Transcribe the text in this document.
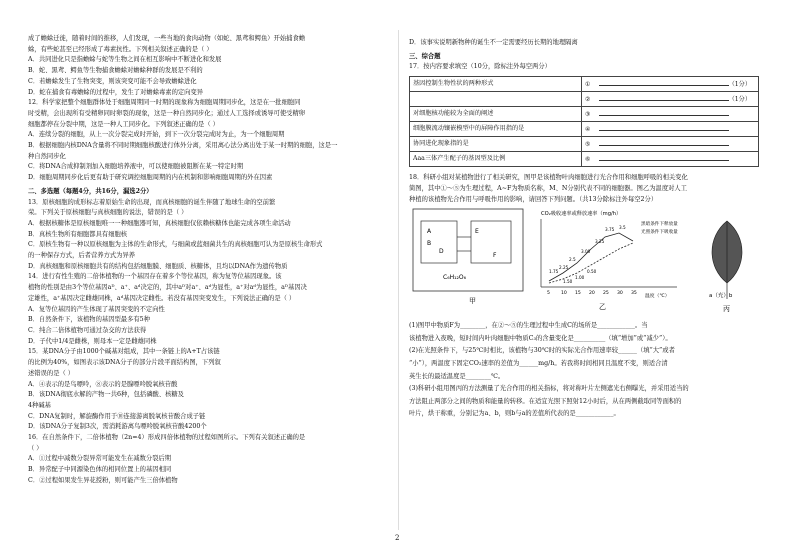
成了蟾蜍迁徙，随着时间的推移，人们发现，一些当地的食肉动物（如蛇、黑鸢和鳄鱼）开始捕食蟾
蜍，有些蛇甚至已经形成了毒素抗性。下列相关叙述正确的是（ ）
A．共同进化只是指蟾蜍与蛇等生物之间在相互影响中不断进化和发展
B．蛇、黑鸢、鳄鱼等生物捕食蟾蜍对蟾蜍种群的发展是不利的
C．若蟾蜍发生了生物突变，则该突变可能不会导致蟾蜍进化
D．蛇在捕食有毒蟾蜍的过程中，发生了对蟾蜍毒素的定向变异
12．科学家把整个细胞群体处于细胞周期同一时期的现象称为细胞周期同步化，这是在一批细胞同
时受精，会出现所有受精卵同时卵裂的现象，这是一种自然同步化；通过人工选择或诱导可使受精卵
细胞都停在分裂中期，这是一种人工同步化。下列叙述正确的是（ ）
A．连续分裂的细胞，从上一次分裂完成时开始，到下一次分裂完成时为止，为一个细胞周期
B．根据细胞内核DNA含量将不同时期细胞核酸进行体外分离，采用离心法分离出处于某一时期的细胞，这是一
种自然同步化
C．将DNA合成抑制剂加入细胞培养液中，可以使细胞被阻断在某一特定时期
D．细胞周期同步化后更有助于研究调控细胞周期的内在机制和影响细胞周期的外在因素
二、多选题（每题4分，共16分，漏选2分）
13．原核细胞的成形标志着原始生命的出现，而真核细胞的诞生伴随了地球生命的空前繁
荣。下列关于原核细胞与真核细胞的说法，错误的是（ ）
A．根据核糖体是原核细胞唯一一种细胞器可知，真核细胞仅依赖核糖体也能完成各项生命活动
B．真核生物所有细胞都具有细胞核
C．原核生物有一种以原核细胞为主体的生命形式，与细菌或蓝细菌共生的真核细胞可认为是原核生命形式
的一种保存方式，后者营养方式为异养
D．真核细胞和原核细胞共有的结构包括细胞膜、细胞质、核糖体，且均以DNA作为遗传物质
14．进行有性生殖的二倍体植物的一个基因存在着多个等位基因，称为复等位基因现象。该
植物的性别是由3个等位基因aᴰ、a⁺、aᵈ决定的，其中aᴰ对a⁺、aᵈ为显性，a⁺对aᵈ为显性，aᴰ基因决
定雄性，a⁺基因决定雌雄同株，aᵈ基因决定雌性。若没有基因突变发生，下列说法正确的是（ ）
A．复等位基因的产生体现了基因突变的不定向性
B．自然条件下，该植物的基因型最多有5种
C．纯合二倍体植物可通过杂交的方法获得
D．子代中1/4是雌株，则母本一定是雌雄同株
15．某DNA分子由1000个碱基对组成，其中一条链上的A+T占该链
的比例为40%，如图表示该DNA分子的部分片段平面结构图，下列叙
述错误的是（ ）
A．④表示的是鸟嘌呤，⑧表示的是腺嘌呤脱氧核苷酸
B．该DNA彻底水解的产物一共6种，包括磷酸、核糖及
4种碱基
C．DNA复制时，解旋酶作用于⑩连接游离脱氧核苷酸合成子链
D．该DNA分子复制3次，需消耗游离鸟嘌呤脱氧核苷酸4200个
16．在自然条件下，二倍体植物（2n=4）形成四倍体植物的过程如图所示。下列有关叙述正确的是
（ ）
A．①过程中减数分裂异常可能发生在减数分裂后期
B．异常配子中同源染色体的相同位置上的基因相同
C．②过程如果发生异花授粉，则可能产生三倍体植物
D．该事实说明新物种的诞生不一定需要经历长期的地理隔离
三、综合题
17．按内容要求填空（10分，除标注外每空两分）
基因控制生物性状的两种形式	① （1分）
	② （1分）
对细胞核功能较为全面的阐述	③
细胞膜流动镶嵌模型中的屏障作用指的是	④
协同进化现象指的是	⑤
Aaa三体产生配子的基因型及比例	⑥
18．科研小组对某植物进行了相关研究，图甲是该植物叶肉细胞进行光合作用和细胞呼吸的相关变化
简图，其中①～⑤为生理过程，A~F为物质名称，M、N分别代表不同的细胞器。图乙为温度对人工
种植的该植物光合作用与呼吸作用的影响，请回答下列问题。（共13分除标注外每空2分）
A
B
D
E
F
C₆H₁₂O₆
甲
CO₂吸收速率或释放速率（mg/h）
5 10 15 20 25 30 35
3.75 3.5
3.25
3.00
2.5
2.25
1.75
1.50
1.00
0.50
黑暗条件下释放量
光照条件下吸收量
温度（℃）
乙
a（充）b
丙
(1)图甲中物质F为________，在②～⑤的生理过程中生成C的场所是____________。当
该植物进入夜晚，短时间内叶肉细胞中物质C₃的含量变化是__________（填“增加”或“减少”）。
(2)在光照条件下，与25℃时相比，该植物与30℃时的实际光合作用速率较______（填“大”或者
“小”），两温度下固定CO₂速率的差值为______mg/h。若我将时间相同且温度不变，则适合清
英生长的最适温度是________℃。
(3)科研小组用图丙的方法测量了光合作用的相关指标，将对称叶片左侧遮光右侧曝光，并采用适当的
方法阻止两部分之间的物质和能量的转移。在适宜光照下照射12小时后，从在两侧截取同等面积的
叶片，烘干称重，分别记为a、b，则b与a的差值所代表的是____________。
2
